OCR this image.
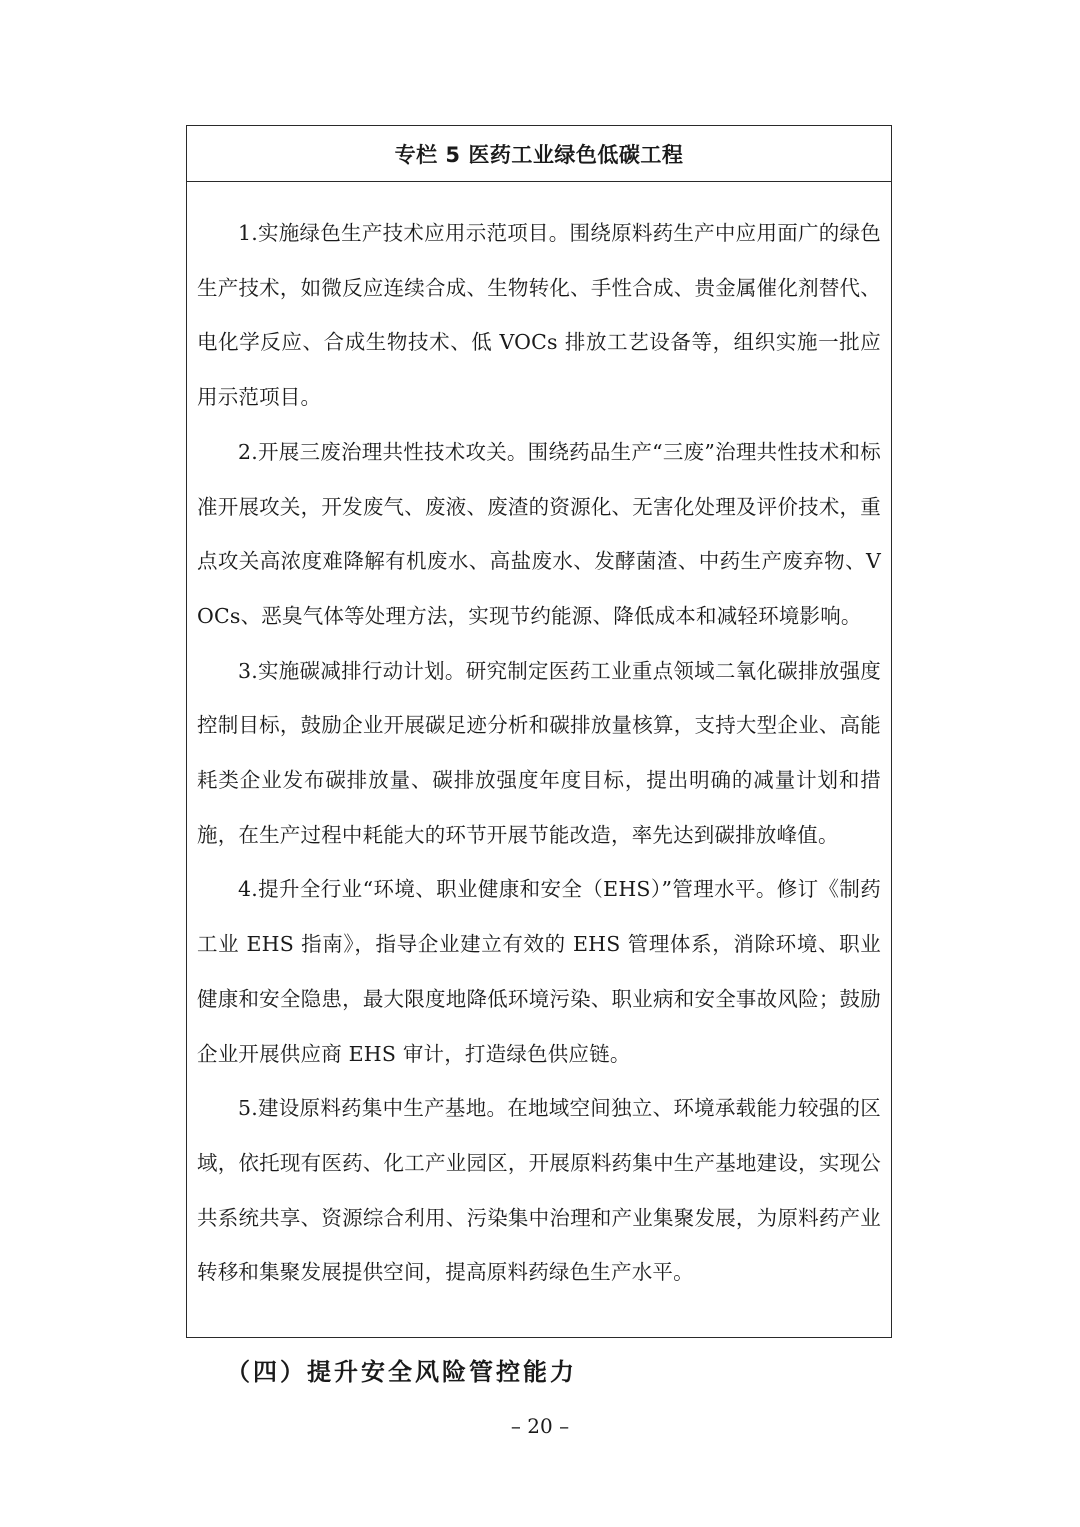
专栏 5 医药工业绿色低碳工程

1.实施绿色生产技术应用示范项目。围绕原料药生产中应用面广的绿色生产技术，如微反应连续合成、生物转化、手性合成、贵金属催化剂替代、电化学反应、合成生物技术、低 VOCs 排放工艺设备等，组织实施一批应用示范项目。

2.开展三废治理共性技术攻关。围绕药品生产“三废”治理共性技术和标准开展攻关，开发废气、废液、废渣的资源化、无害化处理及评价技术，重点攻关高浓度难降解有机废水、高盐废水、发酵菌渣、中药生产废弃物、VOCs、恶臭气体等处理方法，实现节约能源、降低成本和减轻环境影响。

3.实施碳减排行动计划。研究制定医药工业重点领域二氧化碳排放强度控制目标，鼓励企业开展碳足迹分析和碳排放量核算，支持大型企业、高能耗类企业发布碳排放量、碳排放强度年度目标，提出明确的减量计划和措施，在生产过程中耗能大的环节开展节能改造，率先达到碳排放峰值。

4.提升全行业“环境、职业健康和安全（EHS）”管理水平。修订《制药工业 EHS 指南》，指导企业建立有效的 EHS 管理体系，消除环境、职业健康和安全隐患，最大限度地降低环境污染、职业病和安全事故风险；鼓励企业开展供应商 EHS 审计，打造绿色供应链。

5.建设原料药集中生产基地。在地域空间独立、环境承载能力较强的区域，依托现有医药、化工产业园区，开展原料药集中生产基地建设，实现公共系统共享、资源综合利用、污染集中治理和产业集聚发展，为原料药产业转移和集聚发展提供空间，提高原料药绿色生产水平。

（四）提升安全风险管控能力
– 20 –
